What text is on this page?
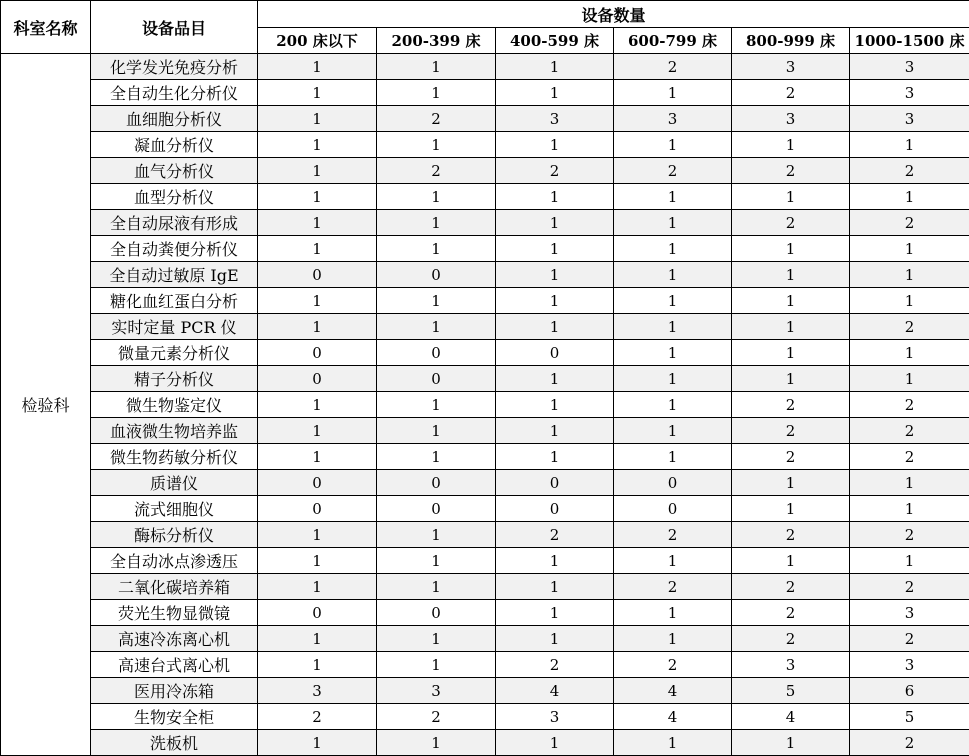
科室名称	设备品目	设备数量					
		200 床以下	200-399 床	400-599 床	600-799 床	800-999 床	1000-1500 床
检验科	化学发光免疫分析	1	1	1	2	3	3
	全自动生化分析仪	1	1	1	1	2	3
	血细胞分析仪	1	2	3	3	3	3
	凝血分析仪	1	1	1	1	1	1
	血气分析仪	1	2	2	2	2	2
	血型分析仪	1	1	1	1	1	1
	全自动尿液有形成	1	1	1	1	2	2
	全自动粪便分析仪	1	1	1	1	1	1
	全自动过敏原 IgE	0	0	1	1	1	1
	糖化血红蛋白分析	1	1	1	1	1	1
	实时定量 PCR 仪	1	1	1	1	1	2
	微量元素分析仪	0	0	0	1	1	1
	精子分析仪	0	0	1	1	1	1
	微生物鉴定仪	1	1	1	1	2	2
	血液微生物培养监	1	1	1	1	2	2
	微生物药敏分析仪	1	1	1	1	2	2
	质谱仪	0	0	0	0	1	1
	流式细胞仪	0	0	0	0	1	1
	酶标分析仪	1	1	2	2	2	2
	全自动冰点渗透压	1	1	1	1	1	1
	二氧化碳培养箱	1	1	1	2	2	2
	荧光生物显微镜	0	0	1	1	2	3
	高速冷冻离心机	1	1	1	1	2	2
	高速台式离心机	1	1	2	2	3	3
	医用冷冻箱	3	3	4	4	5	6
	生物安全柜	2	2	3	4	4	5
	洗板机	1	1	1	1	1	2
